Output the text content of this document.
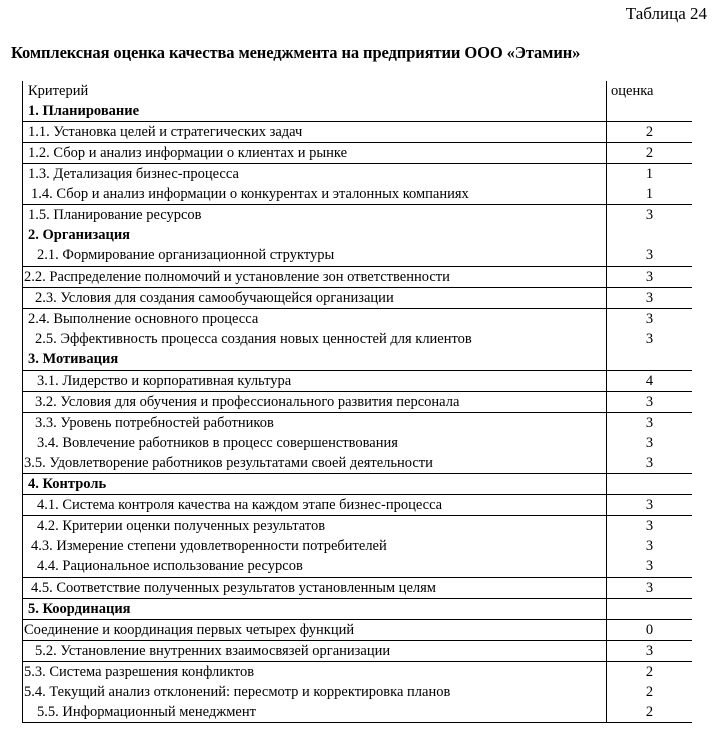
Таблица 24
Комплексная оценка качества менеджмента на предприятии ООО «Этамин»
Критерий	оценка
1. Планирование
1.1. Установка целей и стратегических задач	2
1.2. Сбор и анализ информации о клиентах и рынке	2
1.3. Детализация бизнес-процесса	1
1.4. Сбор и анализ информации о конкурентах и эталонных компаниях	1
1.5. Планирование ресурсов	3
2. Организация
2.1. Формирование организационной структуры	3
2.2. Распределение полномочий и установление зон ответственности	3
2.3. Условия для создания самообучающейся организации	3
2.4. Выполнение основного процесса	3
2.5. Эффективность процесса создания новых ценностей для клиентов	3
3. Мотивация
3.1. Лидерство и корпоративная культура	4
3.2. Условия для обучения и профессионального развития персонала	3
3.3. Уровень потребностей работников	3
3.4. Вовлечение работников в процесс совершенствования	3
3.5. Удовлетворение работников результатами своей деятельности	3
4. Контроль
4.1. Система контроля качества на каждом этапе бизнес-процесса	3
4.2. Критерии оценки полученных результатов	3
4.3. Измерение степени удовлетворенности потребителей	3
4.4. Рациональное использование ресурсов	3
4.5. Соответствие полученных результатов установленным целям	3
5. Координация
Соединение и координация первых четырех функций	0
5.2. Установление внутренних взаимосвязей организации	3
5.3. Система разрешения конфликтов	2
5.4. Текущий анализ отклонений: пересмотр и корректировка планов	2
5.5. Информационный менеджмент	2
